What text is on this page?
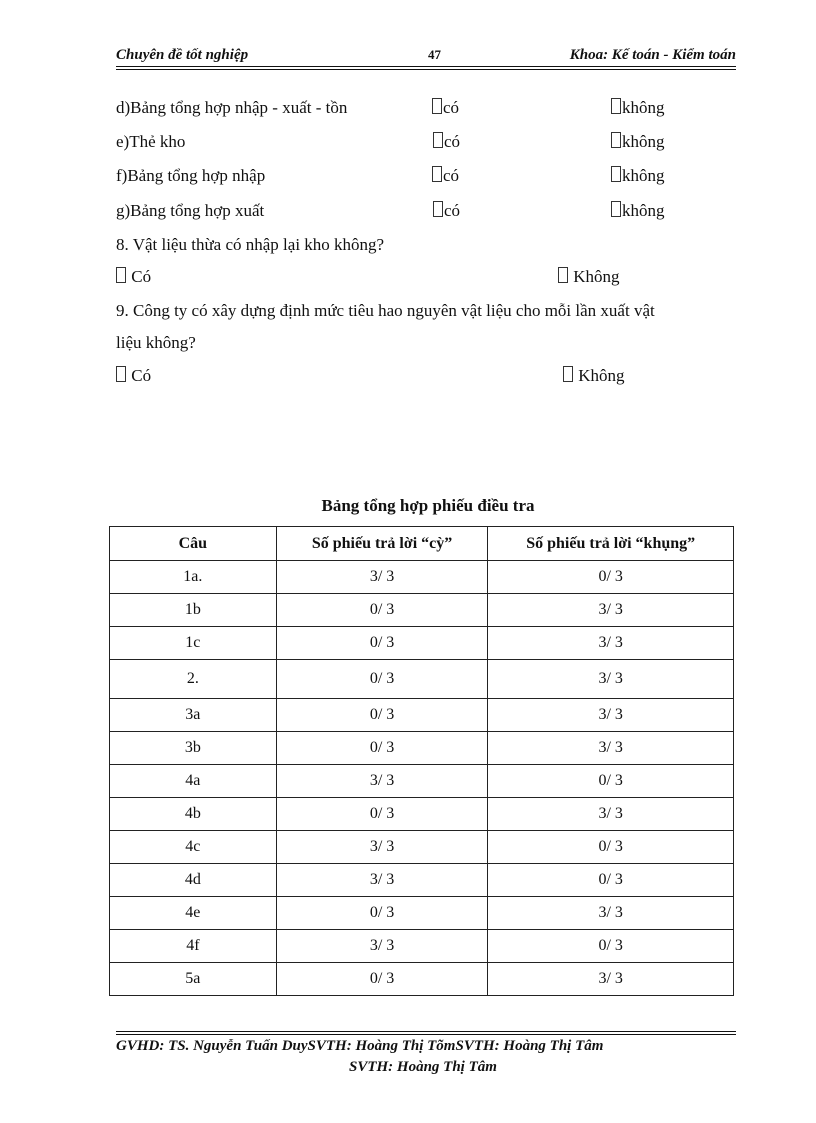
Chuyên đề tốt nghiệp	47	Khoa: Kế toán - Kiểm toán
d)Bảng tổng hợp nhập - xuất - tồn	có	không
e)Thẻ kho	có	không
f)Bảng tổng hợp nhập	có	không
g)Bảng tổng hợp xuất	có	không
8. Vật liệu thừa có nhập lại kho không?
Có	Không
9. Công ty có xây dựng định mức tiêu hao nguyên vật liệu cho mỗi lần xuất vật
liệu không?
Có	Không
Bảng tổng hợp phiếu điều tra
Câu	Số phiếu trả lời “cỳ”	Số phiếu trả lời “khụng”
1a.	3/ 3	0/ 3
1b	0/ 3	3/ 3
1c	0/ 3	3/ 3
2.	0/ 3	3/ 3
3a	0/ 3	3/ 3
3b	0/ 3	3/ 3
4a	3/ 3	0/ 3
4b	0/ 3	3/ 3
4c	3/ 3	0/ 3
4d	3/ 3	0/ 3
4e	0/ 3	3/ 3
4f	3/ 3	0/ 3
5a	0/ 3	3/ 3
GVHD: TS. Nguyễn Tuấn DuySVTH: Hoàng Thị TõmSVTH: Hoàng Thị Tâm
SVTH: Hoàng Thị Tâm
